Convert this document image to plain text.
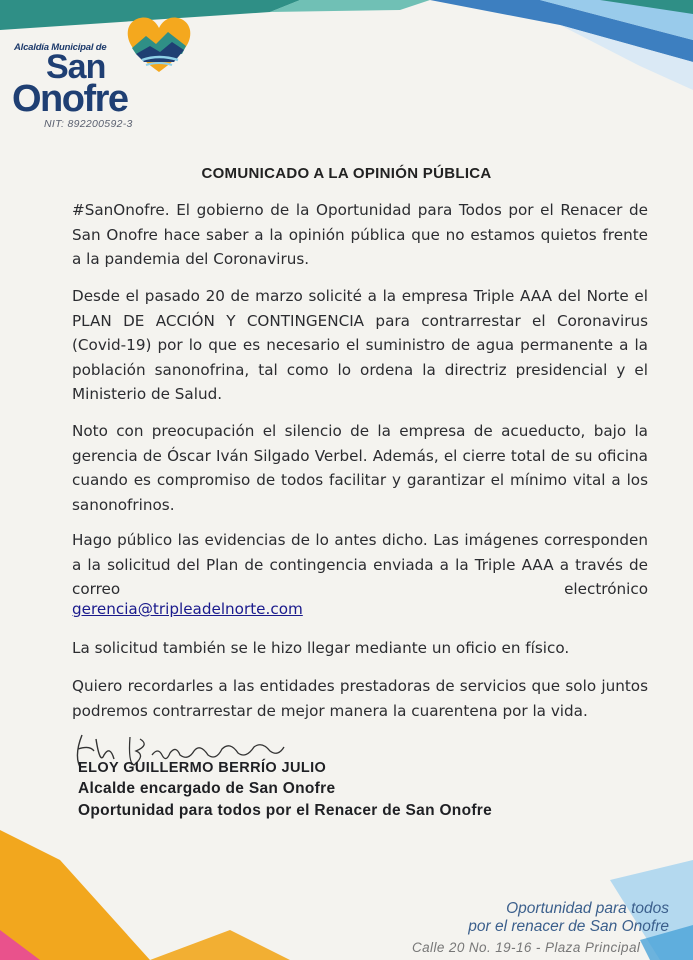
Alcaldía Municipal de
San
Onofre
NIT: 892200592-3
COMUNICADO A LA OPINIÓN PÚBLICA
#SanOnofre. El gobierno de la Oportunidad para Todos por el Renacer de San Onofre hace saber a la opinión pública que no estamos quietos frente a la pandemia del Coronavirus.
Desde el pasado 20 de marzo solicité a la empresa Triple AAA del Norte el PLAN DE ACCIÓN Y CONTINGENCIA para contrarrestar el Coronavirus (Covid-19) por lo que es necesario el suministro de agua permanente a la población sanonofrina, tal como lo ordena la directriz presidencial y el Ministerio de Salud.
Noto con preocupación el silencio de la empresa de acueducto, bajo la gerencia de Óscar Iván Silgado Verbel. Además, el cierre total de su oficina cuando es compromiso de todos facilitar y garantizar el mínimo vital a los sanonofrinos.
Hago público las evidencias de lo antes dicho. Las imágenes corresponden a la solicitud del Plan de contingencia enviada a la Triple AAA a través de correo electrónico
gerencia@tripleadelnorte.com
La solicitud también se le hizo llegar mediante un oficio en físico.
Quiero recordarles a las entidades prestadoras de servicios que solo juntos podremos contrarrestar de mejor manera la cuarentena por la vida.
ELOY GUILLERMO BERRÍO JULIO
Alcalde encargado de San Onofre
Oportunidad para todos por el Renacer de San Onofre
Oportunidad para todos
por el renacer de San Onofre
Calle 20 No. 19-16 - Plaza Principal
